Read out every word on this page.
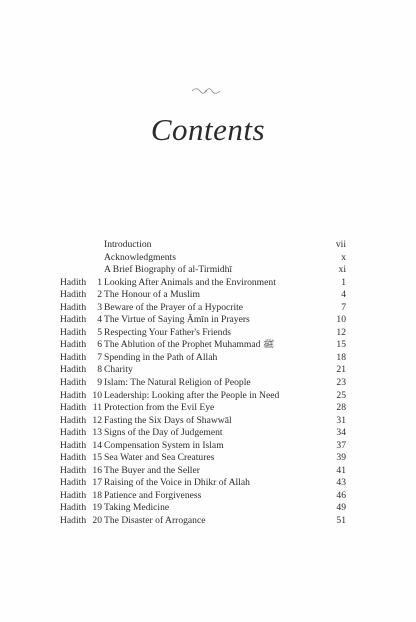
Contents
Introduction	vii
Acknowledgments	x
A Brief Biography of al-Tirmidhī	xi
Hadith 1 Looking After Animals and the Environment	1
Hadith 2 The Honour of a Muslim	4
Hadith 3 Beware of the Prayer of a Hypocrite	7
Hadith 4 The Virtue of Saying Āmīn in Prayers	10
Hadith 5 Respecting Your Father's Friends	12
Hadith 6 The Ablution of the Prophet Muhammad ﷺ	15
Hadith 7 Spending in the Path of Allah	18
Hadith 8 Charity	21
Hadith 9 Islam: The Natural Religion of People	23
Hadith 10 Leadership: Looking after the People in Need	25
Hadith 11 Protection from the Evil Eye	28
Hadith 12 Fasting the Six Days of Shawwāl	31
Hadith 13 Signs of the Day of Judgement	34
Hadith 14 Compensation System in Islam	37
Hadith 15 Sea Water and Sea Creatures	39
Hadith 16 The Buyer and the Seller	41
Hadith 17 Raising of the Voice in Dhikr of Allah	43
Hadith 18 Patience and Forgiveness	46
Hadith 19 Taking Medicine	49
Hadith 20 The Disaster of Arrogance	51
